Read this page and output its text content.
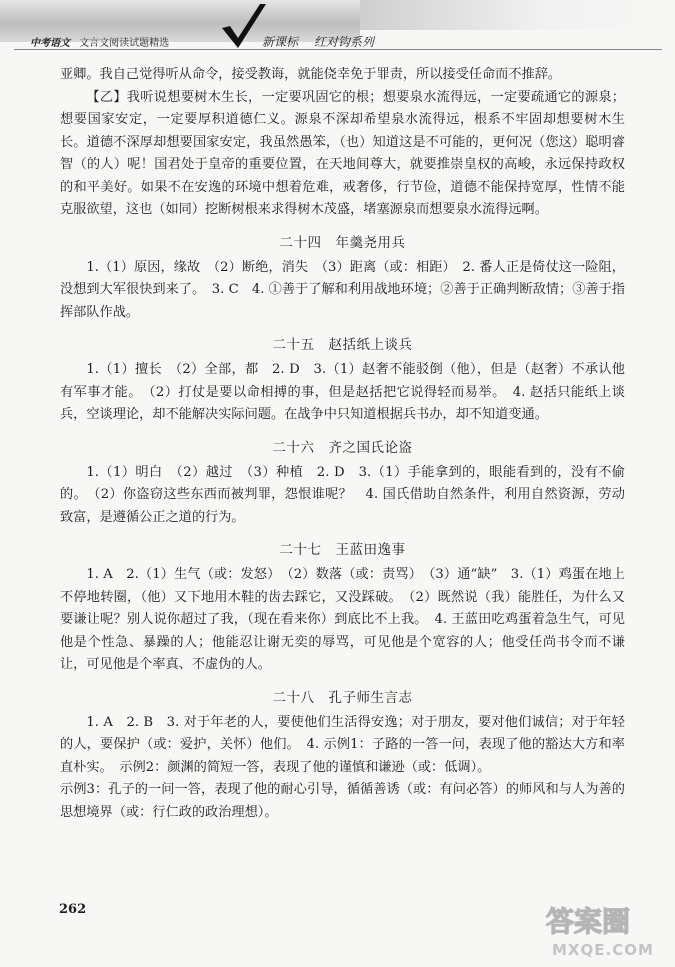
中考语文 文言文阅读试题精选	新课标 红对钩系列

亚卿。我自己觉得听从命令，接受教诲，就能侥幸免于罪责，所以接受任命而不推辞。

【乙】我听说想要树木生长，一定要巩固它的根；想要泉水流得远，一定要疏通它的源泉；想要国家安定，一定要厚积道德仁义。源泉不深却希望泉水流得远，根系不牢固却想要树木生长。道德不深厚却想要国家安定，我虽然愚笨，（也）知道这是不可能的，更何况（您这）聪明睿智（的人）呢！国君处于皇帝的重要位置，在天地间尊大，就要推崇皇权的高峻，永远保持政权的和平美好。如果不在安逸的环境中想着危难，戒奢侈，行节俭，道德不能保持宽厚，性情不能克服欲望，这也（如同）挖断树根来求得树木茂盛，堵塞源泉而想要泉水流得远啊。

二十四　年羹尧用兵

1.（1）原因，缘故　（2）断绝，消失　（3）距离（或：相距）　2. 番人正是倚仗这一险阻，没想到大军很快到来了。　3. C　4. ①善于了解和利用战地环境；②善于正确判断敌情；③善于指挥部队作战。

二十五　赵括纸上谈兵

1.（1）擅长　（2）全部，都　2. D　3.（1）赵奢不能驳倒（他），但是（赵奢）不承认他有军事才能。　（2）打仗是要以命相搏的事，但是赵括把它说得轻而易举。　4. 赵括只能纸上谈兵，空谈理论，却不能解决实际问题。在战争中只知道根据兵书办，却不知道变通。

二十六　齐之国氏论盗

1.（1）明白　（2）越过　（3）种植　2. D　3.（1）手能拿到的，眼能看到的，没有不偷的。　（2）你盗窃这些东西而被判罪，怨恨谁呢？　4. 国氏借助自然条件，利用自然资源，劳动致富，是遵循公正之道的行为。

二十七　王蓝田逸事

1. A　2.（1）生气（或：发怒）　（2）数落（或：责骂）　（3）通“缺”　3.（1）鸡蛋在地上不停地转圈，（他）又下地用木鞋的齿去踩它，又没踩破。　（2）既然说（我）能胜任，为什么又要谦让呢？别人说你超过了我，（现在看来你）到底比不上我。　4. 王蓝田吃鸡蛋着急生气，可见他是个性急、暴躁的人；他能忍让谢无奕的辱骂，可见他是个宽容的人；他受任尚书令而不谦让，可见他是个率真、不虚伪的人。

二十八　孔子师生言志

1. A　2. B　3. 对于年老的人，要使他们生活得安逸；对于朋友，要对他们诚信；对于年轻的人，要保护（或：爱护，关怀）他们。　4. 示例1：子路的一答一问，表现了他的豁达大方和率直朴实。　示例2：颜渊的简短一答，表现了他的谨慎和谦逊（或：低调）。

示例3：孔子的一问一答，表现了他的耐心引导，循循善诱（或：有问必答）的师风和与人为善的思想境界（或：行仁政的政治理想）。

262	答案圈
MXQE.COM
